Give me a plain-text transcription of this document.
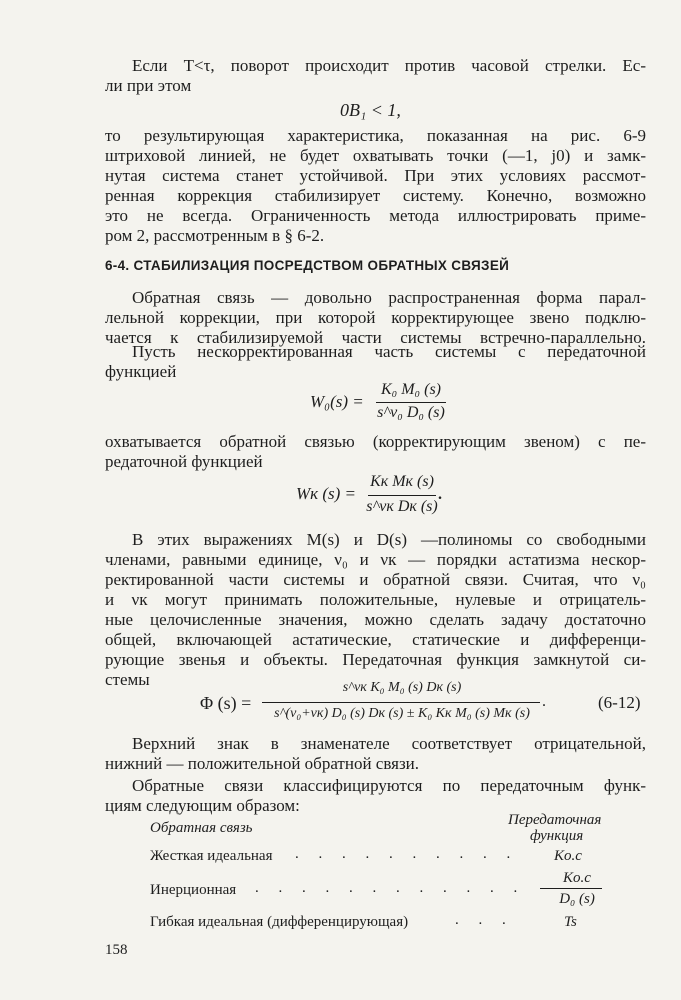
Если T<τ, поворот происходит против часовой стрелки. Ес-
ли при этом
0B₁ < 1,
то результирующая характеристика, показанная на рис. 6-9
штриховой линией, не будет охватывать точки (—1, j0) и замк-
нутая система станет устойчивой. При этих условиях рассмот-
ренная коррекция стабилизирует систему. Конечно, возможно
это не всегда. Ограниченность метода иллюстрировать приме-
ром 2, рассмотренным в § 6-2.
6-4. СТАБИЛИЗАЦИЯ ПОСРЕДСТВОМ ОБРАТНЫХ СВЯЗЕЙ
Обратная связь — довольно распространенная форма парал-
лельной коррекции, при которой корректирующее звено подклю-
чается к стабилизируемой части системы встречно-параллельно.
Пусть нескорректированная часть системы с передаточной
функцией
W₀(s) =
K₀ M₀ (s)
s^ν₀ D₀ (s)
охватывается обратной связью (корректирующим звеном) с пе-
редаточной функцией
Wк (s) =
Kк Mк (s)
s^νк Dк (s)
.
В этих выражениях M(s) и D(s) —полиномы со свободными
членами, равными единице, ν₀ и νк — порядки астатизма нескор-
ректированной части системы и обратной связи. Считая, что ν₀
и νк могут принимать положительные, нулевые и отрицатель-
ные целочисленные значения, можно сделать задачу достаточно
общей, включающей астатические, статические и дифференци-
рующие звенья и объекты. Передаточная функция замкнутой си-
стемы
Φ (s) =
s^νк K₀ M₀ (s) Dк (s)
s^(ν₀+νк) D₀ (s) Dк (s) ± K₀ Kк M₀ (s) Mк (s)
.	(6-12)
Верхний знак в знаменателе соответствует отрицательной,
нижний — положительной обратной связи.
Обратные связи классифицируются по передаточным функ-
циям следующим образом:
Обратная связь	Передаточная
функция
Жесткая идеальная . . . . . . . . . . Kо.с
Инерционная . . . . . . . . . . . .
Kо.с
D₀ (s)
Гибкая идеальная (дифференцирующая)	. . .	Ts
158
